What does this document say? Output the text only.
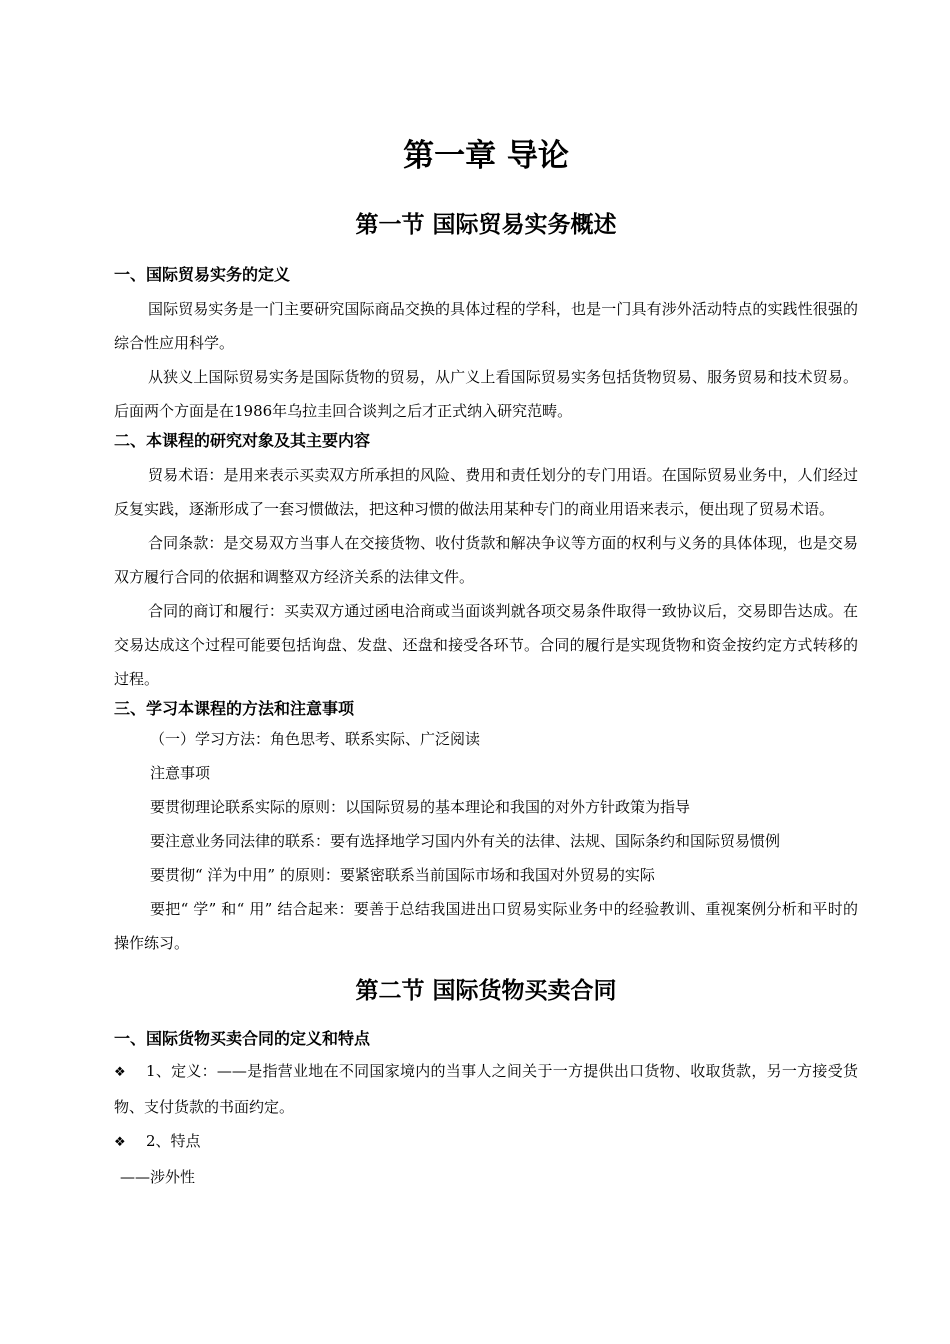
第一章 导论
第一节 国际贸易实务概述

一、国际贸易实务的定义

国际贸易实务是一门主要研究国际商品交换的具体过程的学科，也是一门具有涉外活动特点的实践性很强的综合性应用科学。

从狭义上国际贸易实务是国际货物的贸易，从广义上看国际贸易实务包括货物贸易、服务贸易和技术贸易。后面两个方面是在1986年乌拉圭回合谈判之后才正式纳入研究范畴。

二、本课程的研究对象及其主要内容

贸易术语：是用来表示买卖双方所承担的风险、费用和责任划分的专门用语。在国际贸易业务中，人们经过反复实践，逐渐形成了一套习惯做法，把这种习惯的做法用某种专门的商业用语来表示，便出现了贸易术语。

合同条款：是交易双方当事人在交接货物、收付货款和解决争议等方面的权利与义务的具体体现，也是交易双方履行合同的依据和调整双方经济关系的法律文件。

合同的商订和履行：买卖双方通过函电洽商或当面谈判就各项交易条件取得一致协议后，交易即告达成。在交易达成这个过程可能要包括询盘、发盘、还盘和接受各环节。合同的履行是实现货物和资金按约定方式转移的过程。

三、学习本课程的方法和注意事项

（一）学习方法：角色思考、联系实际、广泛阅读

注意事项

要贯彻理论联系实际的原则：以国际贸易的基本理论和我国的对外方针政策为指导

要注意业务同法律的联系：要有选择地学习国内外有关的法律、法规、国际条约和国际贸易惯例

要贯彻“ 洋为中用” 的原则：要紧密联系当前国际市场和我国对外贸易的实际

要把“ 学” 和“ 用” 结合起来：要善于总结我国进出口贸易实际业务中的经验教训、重视案例分析和平时的操作练习。

第二节 国际货物买卖合同

一、国际货物买卖合同的定义和特点

❖ 1、定义：——是指营业地在不同国家境内的当事人之间关于一方提供出口货物、收取货款，另一方接受货物、支付货款的书面约定。

❖ 2、特点

——涉外性
